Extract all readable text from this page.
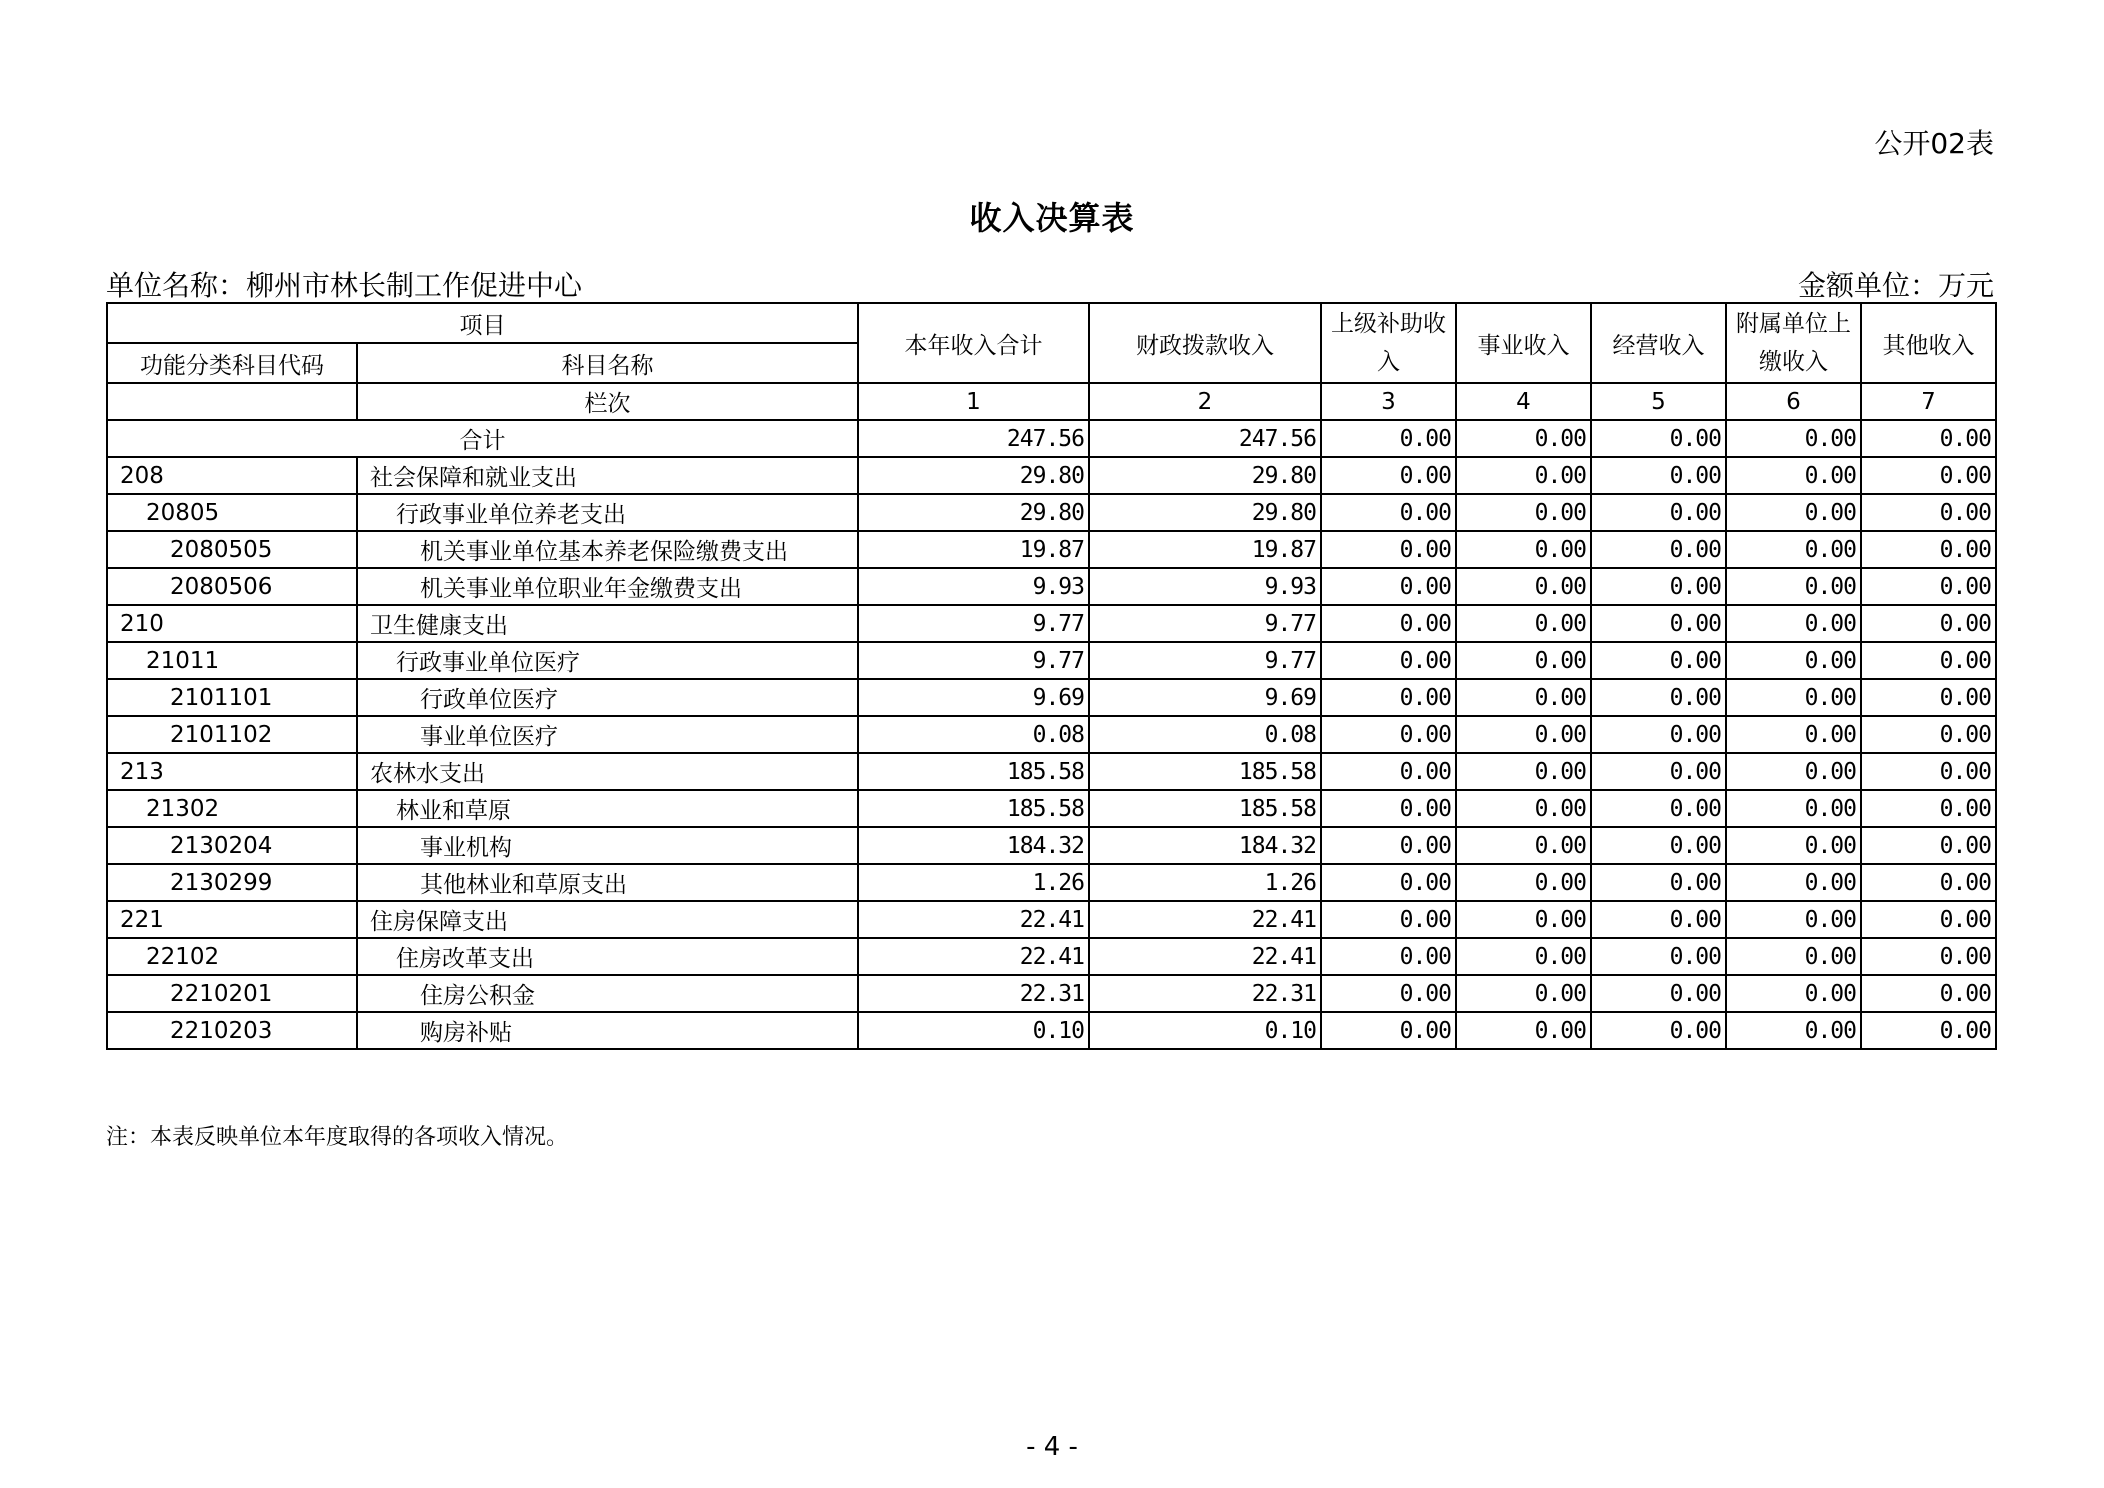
公开02表
收入决算表
单位名称：柳州市林长制工作促进中心	金额单位：万元
项目		本年收入合计	财政拨款收入	上级补助收入	事业收入	经营收入	附属单位上缴收入	其他收入
功能分类科目代码	科目名称							
	栏次	1	2	3	4	5	6	7
合计		247.56	247.56	0.00	0.00	0.00	0.00	0.00
208	社会保障和就业支出	29.80	29.80	0.00	0.00	0.00	0.00	0.00
20805	行政事业单位养老支出	29.80	29.80	0.00	0.00	0.00	0.00	0.00
2080505	机关事业单位基本养老保险缴费支出	19.87	19.87	0.00	0.00	0.00	0.00	0.00
2080506	机关事业单位职业年金缴费支出	9.93	9.93	0.00	0.00	0.00	0.00	0.00
210	卫生健康支出	9.77	9.77	0.00	0.00	0.00	0.00	0.00
21011	行政事业单位医疗	9.77	9.77	0.00	0.00	0.00	0.00	0.00
2101101	行政单位医疗	9.69	9.69	0.00	0.00	0.00	0.00	0.00
2101102	事业单位医疗	0.08	0.08	0.00	0.00	0.00	0.00	0.00
213	农林水支出	185.58	185.58	0.00	0.00	0.00	0.00	0.00
21302	林业和草原	185.58	185.58	0.00	0.00	0.00	0.00	0.00
2130204	事业机构	184.32	184.32	0.00	0.00	0.00	0.00	0.00
2130299	其他林业和草原支出	1.26	1.26	0.00	0.00	0.00	0.00	0.00
221	住房保障支出	22.41	22.41	0.00	0.00	0.00	0.00	0.00
22102	住房改革支出	22.41	22.41	0.00	0.00	0.00	0.00	0.00
2210201	住房公积金	22.31	22.31	0.00	0.00	0.00	0.00	0.00
2210203	购房补贴	0.10	0.10	0.00	0.00	0.00	0.00	0.00
注：本表反映单位本年度取得的各项收入情况。
- 4 -
